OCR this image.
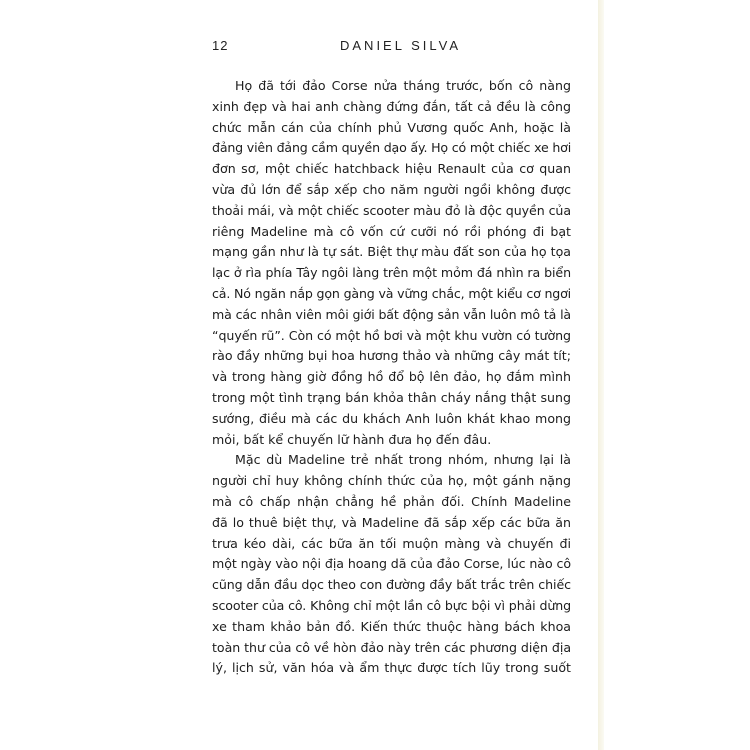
12	DANIEL SILVA

Họ đã tới đảo Corse nửa tháng trước, bốn cô nàng
xinh đẹp và hai anh chàng đứng đắn, tất cả đều là công
chức mẫn cán của chính phủ Vương quốc Anh, hoặc là
đảng viên đảng cầm quyền dạo ấy. Họ có một chiếc xe hơi
đơn sơ, một chiếc hatchback hiệu Renault của cơ quan
vừa đủ lớn để sắp xếp cho năm người ngồi không được
thoải mái, và một chiếc scooter màu đỏ là độc quyền của
riêng Madeline mà cô vốn cứ cưỡi nó rồi phóng đi bạt
mạng gần như là tự sát. Biệt thự màu đất son của họ tọa
lạc ở rìa phía Tây ngôi làng trên một mỏm đá nhìn ra biển
cả. Nó ngăn nắp gọn gàng và vững chắc, một kiểu cơ ngơi
mà các nhân viên môi giới bất động sản vẫn luôn mô tả là
“quyến rũ”. Còn có một hồ bơi và một khu vườn có tường
rào đầy những bụi hoa hương thảo và những cây mát tít;
và trong hàng giờ đồng hồ đổ bộ lên đảo, họ đắm mình
trong một tình trạng bán khỏa thân cháy nắng thật sung
sướng, điều mà các du khách Anh luôn khát khao mong
mỏi, bất kể chuyến lữ hành đưa họ đến đâu.

Mặc dù Madeline trẻ nhất trong nhóm, nhưng lại là
người chỉ huy không chính thức của họ, một gánh nặng
mà cô chấp nhận chẳng hề phản đối. Chính Madeline
đã lo thuê biệt thự, và Madeline đã sắp xếp các bữa ăn
trưa kéo dài, các bữa ăn tối muộn màng và chuyến đi
một ngày vào nội địa hoang dã của đảo Corse, lúc nào cô
cũng dẫn đầu dọc theo con đường đầy bất trắc trên chiếc
scooter của cô. Không chỉ một lần cô bực bội vì phải dừng
xe tham khảo bản đồ. Kiến thức thuộc hàng bách khoa
toàn thư của cô về hòn đảo này trên các phương diện địa
lý, lịch sử, văn hóa và ẩm thực được tích lũy trong suốt
